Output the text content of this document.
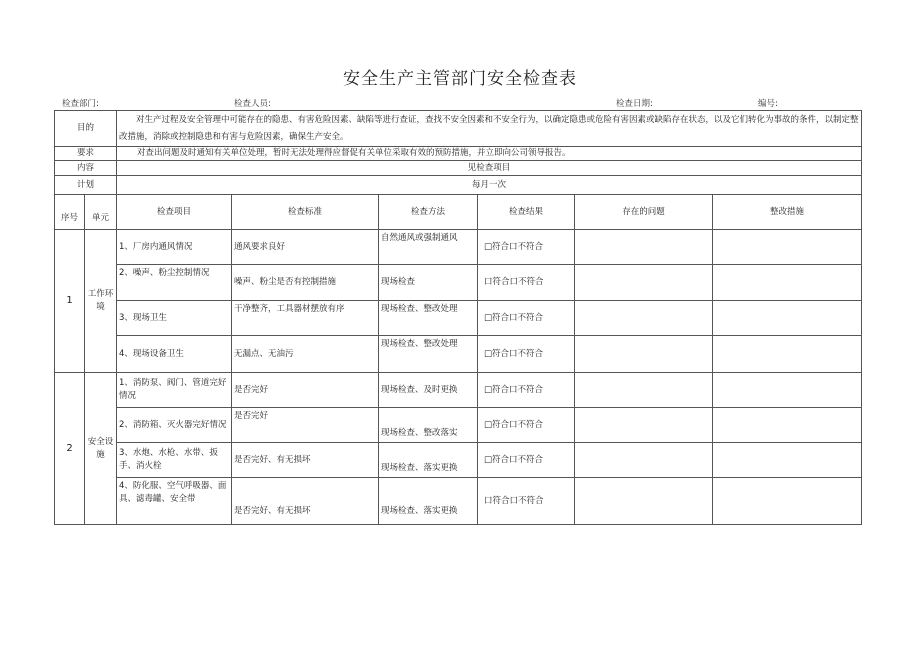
安全生产主管部门安全检查表
检查部门:	检查人员:	检查日期:	编号:
目的		对生产过程及安全管理中可能存在的隐患、有害危险因素、缺陷等进行查证，查找不安全因素和不安全行为，以确定隐患或危险有害因素或缺陷存在状态，以及它们转化为事故的条件，以制定整改措施，消除或控制隐患和有害与危险因素，确保生产安全。					
要求		对查出问题及时通知有关单位处理，暂时无法处理得应督促有关单位采取有效的预防措施，并立即向公司领导报告。					
内容		见检查项目					
计划		每月一次					
序号	单元	检查项目	检查标准	检查方法	检查结果	存在的问题	整改措施
1	工作环境	1、厂房内通风情况	通风要求良好	自然通风或强制通风	□符合口不符合		
		2、噪声、粉尘控制情况	噪声、粉尘是否有控制措施	现场检查	口符合口不符合		
		3、现场卫生	干净整齐，工具器材摆放有序	现场检查、整改处理	□符合口不符合		
		4、现场设备卫生	无漏点、无油污	现场检查、整改处理	□符合口不符合		
2	安全设施	1、消防泵、阀门、管道完好情况	是否完好	现场检查、及时更换	□符合口不符合		
		2、消防箱、灭火器完好情况	是否完好	现场检查、整改落实	□符合口不符合		
		3、水炮、水枪、水带、扳手、消火栓	是否完好、有无损坏	现场检查、落实更换	□符合口不符合		
		4、防化服、空气呼吸器、面具、滤毒罐、安全带	是否完好、有无损坏	现场检查、落实更换	口符合口不符合		
